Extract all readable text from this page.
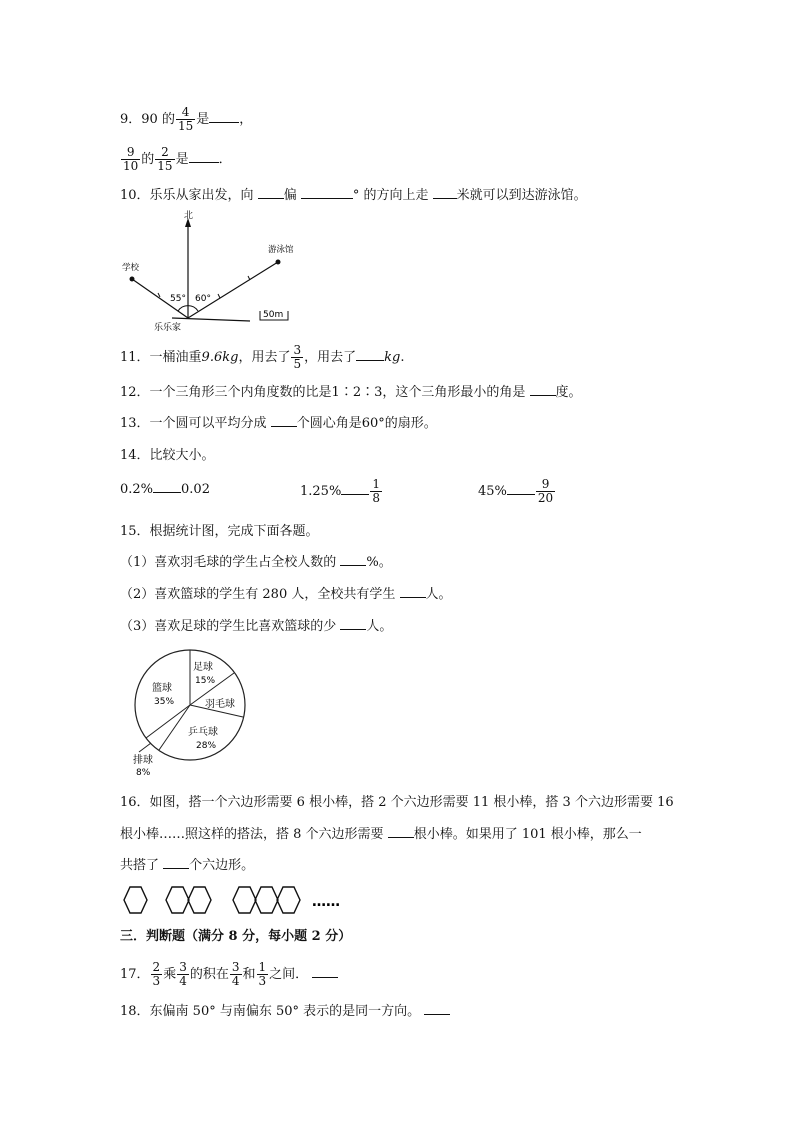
9．90 的 $\frac{4}{15}$ 是 ，
$\frac{9}{10}$ 的 $\frac{2}{15}$ 是 ．
10．乐乐从家出发，向 偏	° 的方向上走 米就可以到达游泳馆。
北
学校
游泳馆
55° 60°
乐乐家
50m
11．一桶油重9.6kg，用去了 $\frac{3}{5}$ ，用去了 kg.
12．一个三角形三个内角度数的比是1∶2∶3，这个三角形最小的角是 度。
13．一个圆可以平均分成 个圆心角是60°的扇形。
14．比较大小。
0.2% 0.02	$1.25\% \frac{1}{8}$	$45\% \frac{9}{20}$
15．根据统计图，完成下面各题。
（1）喜欢羽毛球的学生占全校人数的 %。
（2）喜欢篮球的学生有 280 人，全校共有学生 人。
（3）喜欢足球的学生比喜欢篮球的少 人。
足球
15%
羽毛球
乒乓球
28%
篮球
35%
排球
8%
16．如图，搭一个六边形需要 6 根小棒，搭 2 个六边形需要 11 根小棒，搭 3 个六边形需要 16
根小棒……照这样的搭法，搭 8 个六边形需要 根小棒。如果用了 101 根小棒，那么一
共搭了 个六边形。
……
三．判断题（满分 8 分，每小题 2 分）
17． $\frac{2}{3}$ 乘 $\frac{3}{4}$ 的积在 $\frac{3}{4}$ 和 $\frac{1}{3}$ 之间．
18．东偏南 50° 与南偏东 50° 表示的是同一方向。
